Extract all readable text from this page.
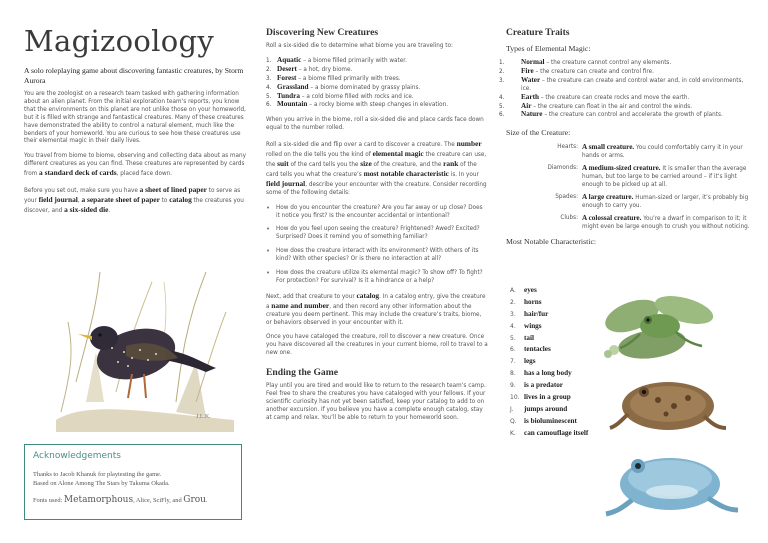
Magizoology

A solo roleplaying game about discovering fantastic creatures, by Storm Aurora

You are the zoologist on a research team tasked with gathering information about an alien planet. From the initial exploration team’s reports, you know that the environments on this planet are not unlike those on your homeworld, but it is filled with strange and fantastical creatures. Many of these creatures have demonstrated the ability to control a natural element, much like the benders of your homeworld. You are curious to see how these creatures use their elemental magic in their daily lives.

You travel from biome to biome, observing and collecting data about as many different creatures as you can find. These creatures are represented by cards from a standard deck of cards, placed face down.

Before you set out, make sure you have a sheet of lined paper to serve as your field journal, a separate sheet of paper to catalog the creatures you discover, and a six-sided die.

J.L.K.
Acknowledgements
Thanks to Jacob Khanuk for playtesting the game.
Based on Alone Among The Stars by Takuma Okada.
Fonts used: Metamorphous, Alice, SciFly, and Grou.
Discovering New Creatures

Roll a six-sided die to determine what biome you are traveling to:

1. Aquatic – a biome filled primarily with water.
2. Desert – a hot, dry biome.
3. Forest – a biome filled primarily with trees.
4. Grassland – a biome dominated by grassy plains.
5. Tundra – a cold biome filled with rocks and ice.
6. Mountain – a rocky biome with steep changes in elevation.

When you arrive in the biome, roll a six-sided die and place cards face down equal to the number rolled.

Roll a six-sided die and flip over a card to discover a creature. The number rolled on the die tells you the kind of elemental magic the creature can use, the suit of the card tells you the size of the creature, and the rank of the card tells you what the creature’s most notable characteristic is. In your field journal, describe your encounter with the creature. Consider recording some of the following details:

• How do you encounter the creature? Are you far away or up close? Does it notice you first? Is the encounter accidental or intentional?

• How do you feel upon seeing the creature? Frightened? Awed? Excited? Surprised? Does it remind you of something familiar?

• How does the creature interact with its environment? With others of its kind? With other species? Or is there no interaction at all?

• How does the creature utilize its elemental magic? To show off? To fight? For protection? For survival? Is it a hindrance or a help?

Next, add that creature to your catalog. In a catalog entry, give the creature a name and number, and then record any other information about the creature you deem pertinent. This may include the creature’s traits, biome, or behaviors observed in your encounter with it.

Once you have cataloged the creature, roll to discover a new creature. Once you have discovered all the creatures in your current biome, roll to travel to a new one.

Ending the Game

Play until you are tired and would like to return to the research team’s camp. Feel free to share the creatures you have cataloged with your fellows. If your scientific curiosity has not yet been satisfied, keep your catalog to add to on another excursion. If you believe you have a complete enough catalog, stay at camp and relax. You’ll be able to return to your homeworld soon.

Creature Traits
Types of Elemental Magic:
1. Normal – the creature cannot control any elements.
2. Fire – the creature can create and control fire.
3. Water – the creature can create and control water and, in cold environments, ice.
4. Earth – the creature can create rocks and move the earth.
5. Air – the creature can float in the air and control the winds.
6. Nature – the creature can control and accelerate the growth of plants.
Size of the Creature:

Hearts: A small creature. You could comfortably carry it in your hands or arms.

Diamonds: A medium-sized creature. It is smaller than the average human, but too large to be carried around – if it’s light enough to be picked up at all.

Spades: A large creature. Human-sized or larger, it’s probably big enough to carry you.

Clubs: A colossal creature. You’re a dwarf in comparison to it; it might even be large enough to crush you without noticing.

Most Notable Characteristic:
A. eyes
2. horns
3. hair/fur
4. wings
5. tail
6. tentacles
7. legs
8. has a long body
9. is a predator
10. lives in a group
J. jumps around
Q. is bioluminescent
K. can camouflage itself
